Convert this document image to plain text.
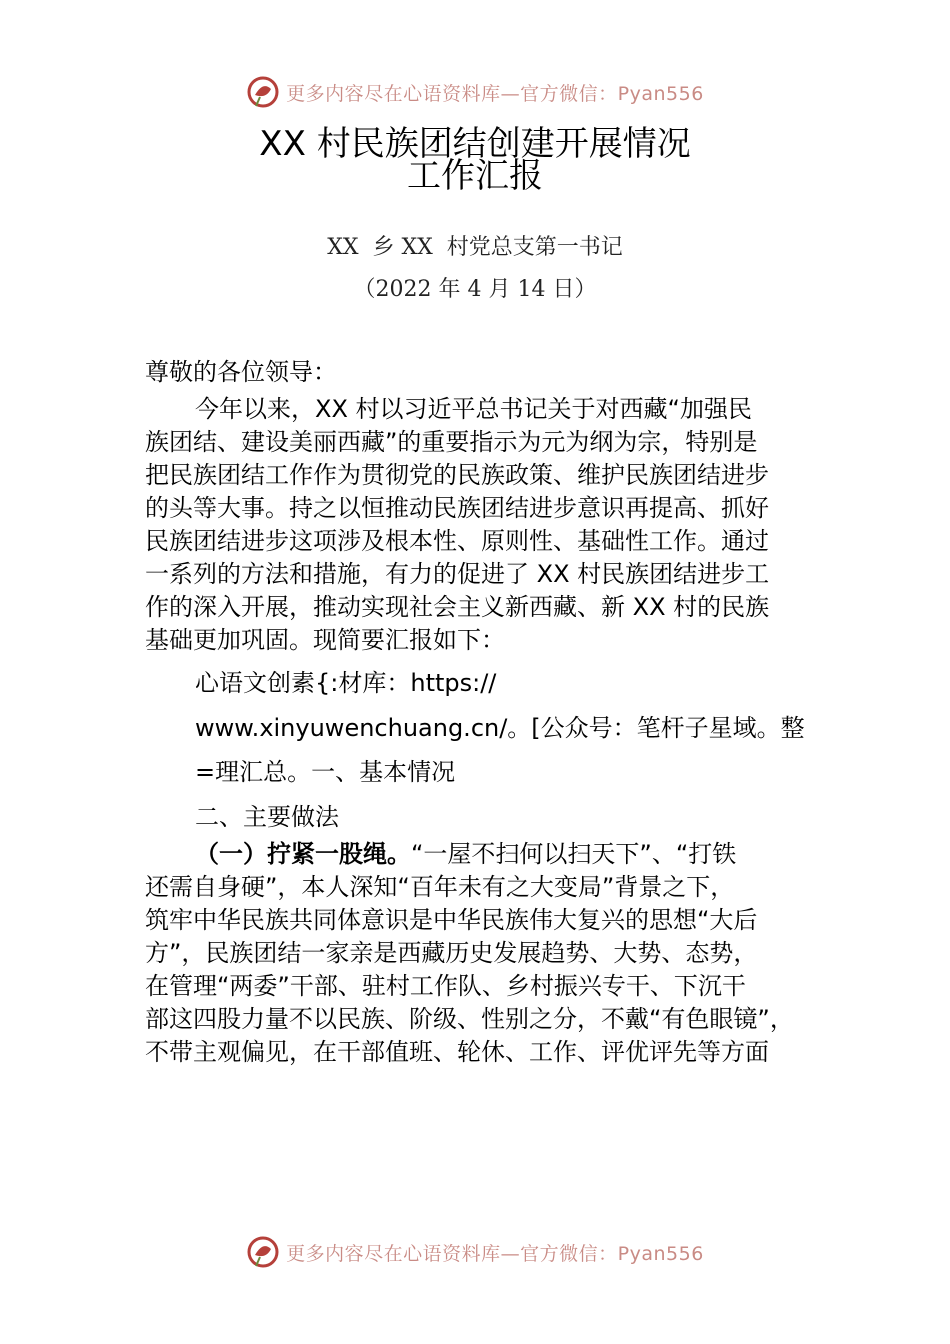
更多内容尽在心语资料库—官方微信：Pyan556
XX 村民族团结创建开展情况
工作汇报
XX  乡 XX  村党总支第一书记
（2022 年 4 月 14 日）
尊敬的各位领导：
今年以来，XX 村以习近平总书记关于对西藏“加强民
族团结、建设美丽西藏”的重要指示为元为纲为宗，特别是
把民族团结工作作为贯彻党的民族政策、维护民族团结进步
的头等大事。持之以恒推动民族团结进步意识再提高、抓好
民族团结进步这项涉及根本性、原则性、基础性工作。通过
一系列的方法和措施，有力的促进了 XX 村民族团结进步工
作的深入开展，推动实现社会主义新西藏、新 XX 村的民族
基础更加巩固。现简要汇报如下：
心语文创素{:材库：https://
www.xinyuwenchuang.cn/。[公众号：笔杆子星域。整
=理汇总。一、基本情况
二、主要做法
（一）拧紧一股绳。“一屋不扫何以扫天下”、“打铁
还需自身硬”，本人深知“百年未有之大变局”背景之下，
筑牢中华民族共同体意识是中华民族伟大复兴的思想“大后
方”，民族团结一家亲是西藏历史发展趋势、大势、态势，
在管理“两委”干部、驻村工作队、乡村振兴专干、下沉干
部这四股力量不以民族、阶级、性别之分，不戴“有色眼镜”，
不带主观偏见，在干部值班、轮休、工作、评优评先等方面
更多内容尽在心语资料库—官方微信：Pyan556
